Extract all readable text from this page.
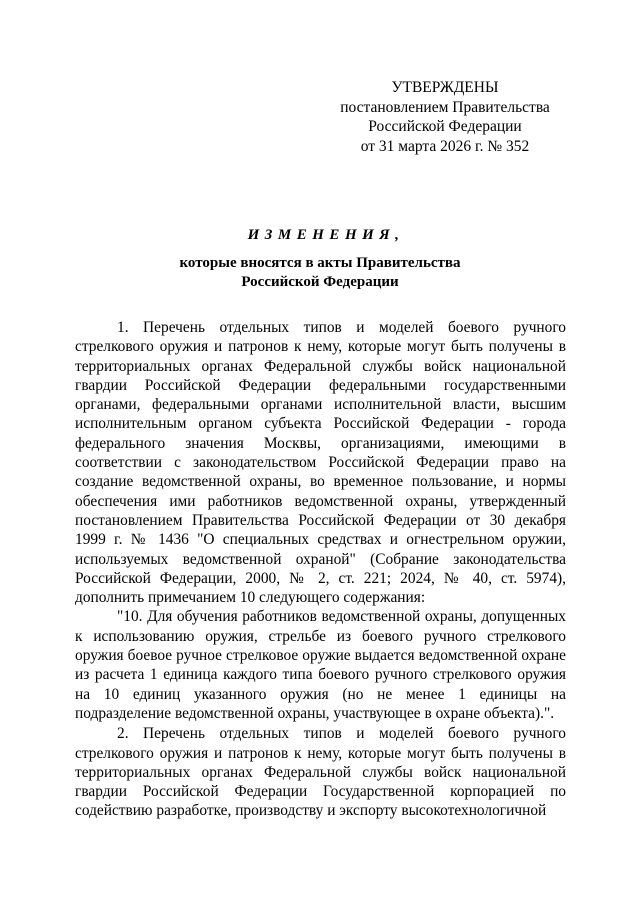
УТВЕРЖДЕНЫ
постановлением Правительства
Российской Федерации
от 31 марта 2026 г. № 352
ИЗМЕНЕНИЯ,
которые вносятся в акты Правительства
Российской Федерации

1. Перечень отдельных типов и моделей боевого ручного стрелкового оружия и патронов к нему, которые могут быть получены в территориальных органах Федеральной службы войск национальной гвардии Российской Федерации федеральными государственными органами, федеральными органами исполнительной власти, высшим исполнительным органом субъекта Российской Федерации - города федерального значения Москвы, организациями, имеющими в соответствии с законодательством Российской Федерации право на создание ведомственной охраны, во временное пользование, и нормы обеспечения ими работников ведомственной охраны, утвержденный постановлением Правительства Российской Федерации от 30 декабря 1999 г. № 1436 "О специальных средствах и огнестрельном оружии, используемых ведомственной охраной" (Собрание законодательства Российской Федерации, 2000, № 2, ст. 221; 2024, № 40, ст. 5974), дополнить примечанием 10 следующего содержания:

"10. Для обучения работников ведомственной охраны, допущенных к использованию оружия, стрельбе из боевого ручного стрелкового оружия боевое ручное стрелковое оружие выдается ведомственной охране из расчета 1 единица каждого типа боевого ручного стрелкового оружия на 10 единиц указанного оружия (но не менее 1 единицы на подразделение ведомственной охраны, участвующее в охране объекта).".

2. Перечень отдельных типов и моделей боевого ручного стрелкового оружия и патронов к нему, которые могут быть получены в территориальных органах Федеральной службы войск национальной гвардии Российской Федерации Государственной корпорацией по содействию разработке, производству и экспорту высокотехнологичной
